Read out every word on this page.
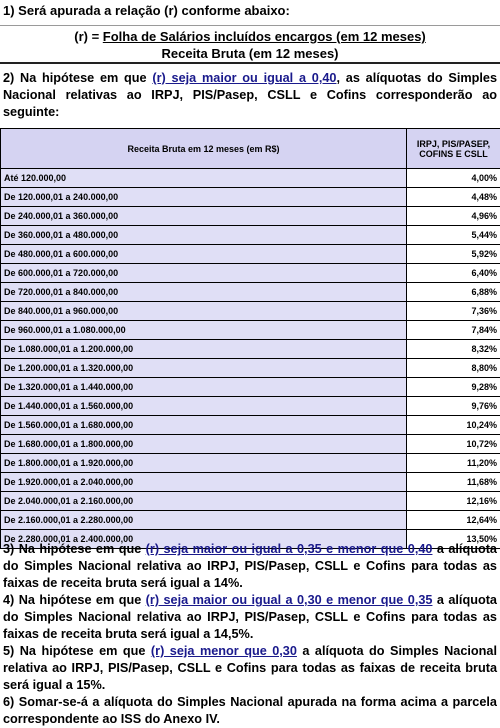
1) Será apurada a relação (r) conforme abaixo:
(r) = Folha de Salários incluídos encargos (em 12 meses)
Receita Bruta (em 12 meses)
2) Na hipótese em que (r) seja maior ou igual a 0,40, as alíquotas do Simples Nacional relativas ao IRPJ, PIS/Pasep, CSLL e Cofins corresponderão ao seguinte:
Receita Bruta em 12 meses (em R$)	IRPJ, PIS/PASEP, COFINS E CSLL
Até 120.000,00	4,00%
De 120.000,01 a 240.000,00	4,48%
De 240.000,01 a 360.000,00	4,96%
De 360.000,01 a 480.000,00	5,44%
De 480.000,01 a 600.000,00	5,92%
De 600.000,01 a 720.000,00	6,40%
De 720.000,01 a 840.000,00	6,88%
De 840.000,01 a 960.000,00	7,36%
De 960.000,01 a 1.080.000,00	7,84%
De 1.080.000,01 a 1.200.000,00	8,32%
De 1.200.000,01 a 1.320.000,00	8,80%
De 1.320.000,01 a 1.440.000,00	9,28%
De 1.440.000,01 a 1.560.000,00	9,76%
De 1.560.000,01 a 1.680.000,00	10,24%
De 1.680.000,01 a 1.800.000,00	10,72%
De 1.800.000,01 a 1.920.000,00	11,20%
De 1.920.000,01 a 2.040.000,00	11,68%
De 2.040.000,01 a 2.160.000,00	12,16%
De 2.160.000,01 a 2.280.000,00	12,64%
De 2.280.000,01 a 2.400.000,00	13,50%
3) Na hipótese em que (r) seja maior ou igual a 0,35 e menor que 0,40 a alíquota do Simples Nacional relativa ao IRPJ, PIS/Pasep, CSLL e Cofins para todas as faixas de receita bruta será igual a 14%.
4) Na hipótese em que (r) seja maior ou igual a 0,30 e menor que 0,35 a alíquota do Simples Nacional relativa ao IRPJ, PIS/Pasep, CSLL e Cofins para todas as faixas de receita bruta será igual a 14,5%.
5) Na hipótese em que (r) seja menor que 0,30 a alíquota do Simples Nacional relativa ao IRPJ, PIS/Pasep, CSLL e Cofins para todas as faixas de receita bruta será igual a 15%.
6) Somar-se-á a alíquota do Simples Nacional apurada na forma acima a parcela correspondente ao ISS do Anexo IV.
